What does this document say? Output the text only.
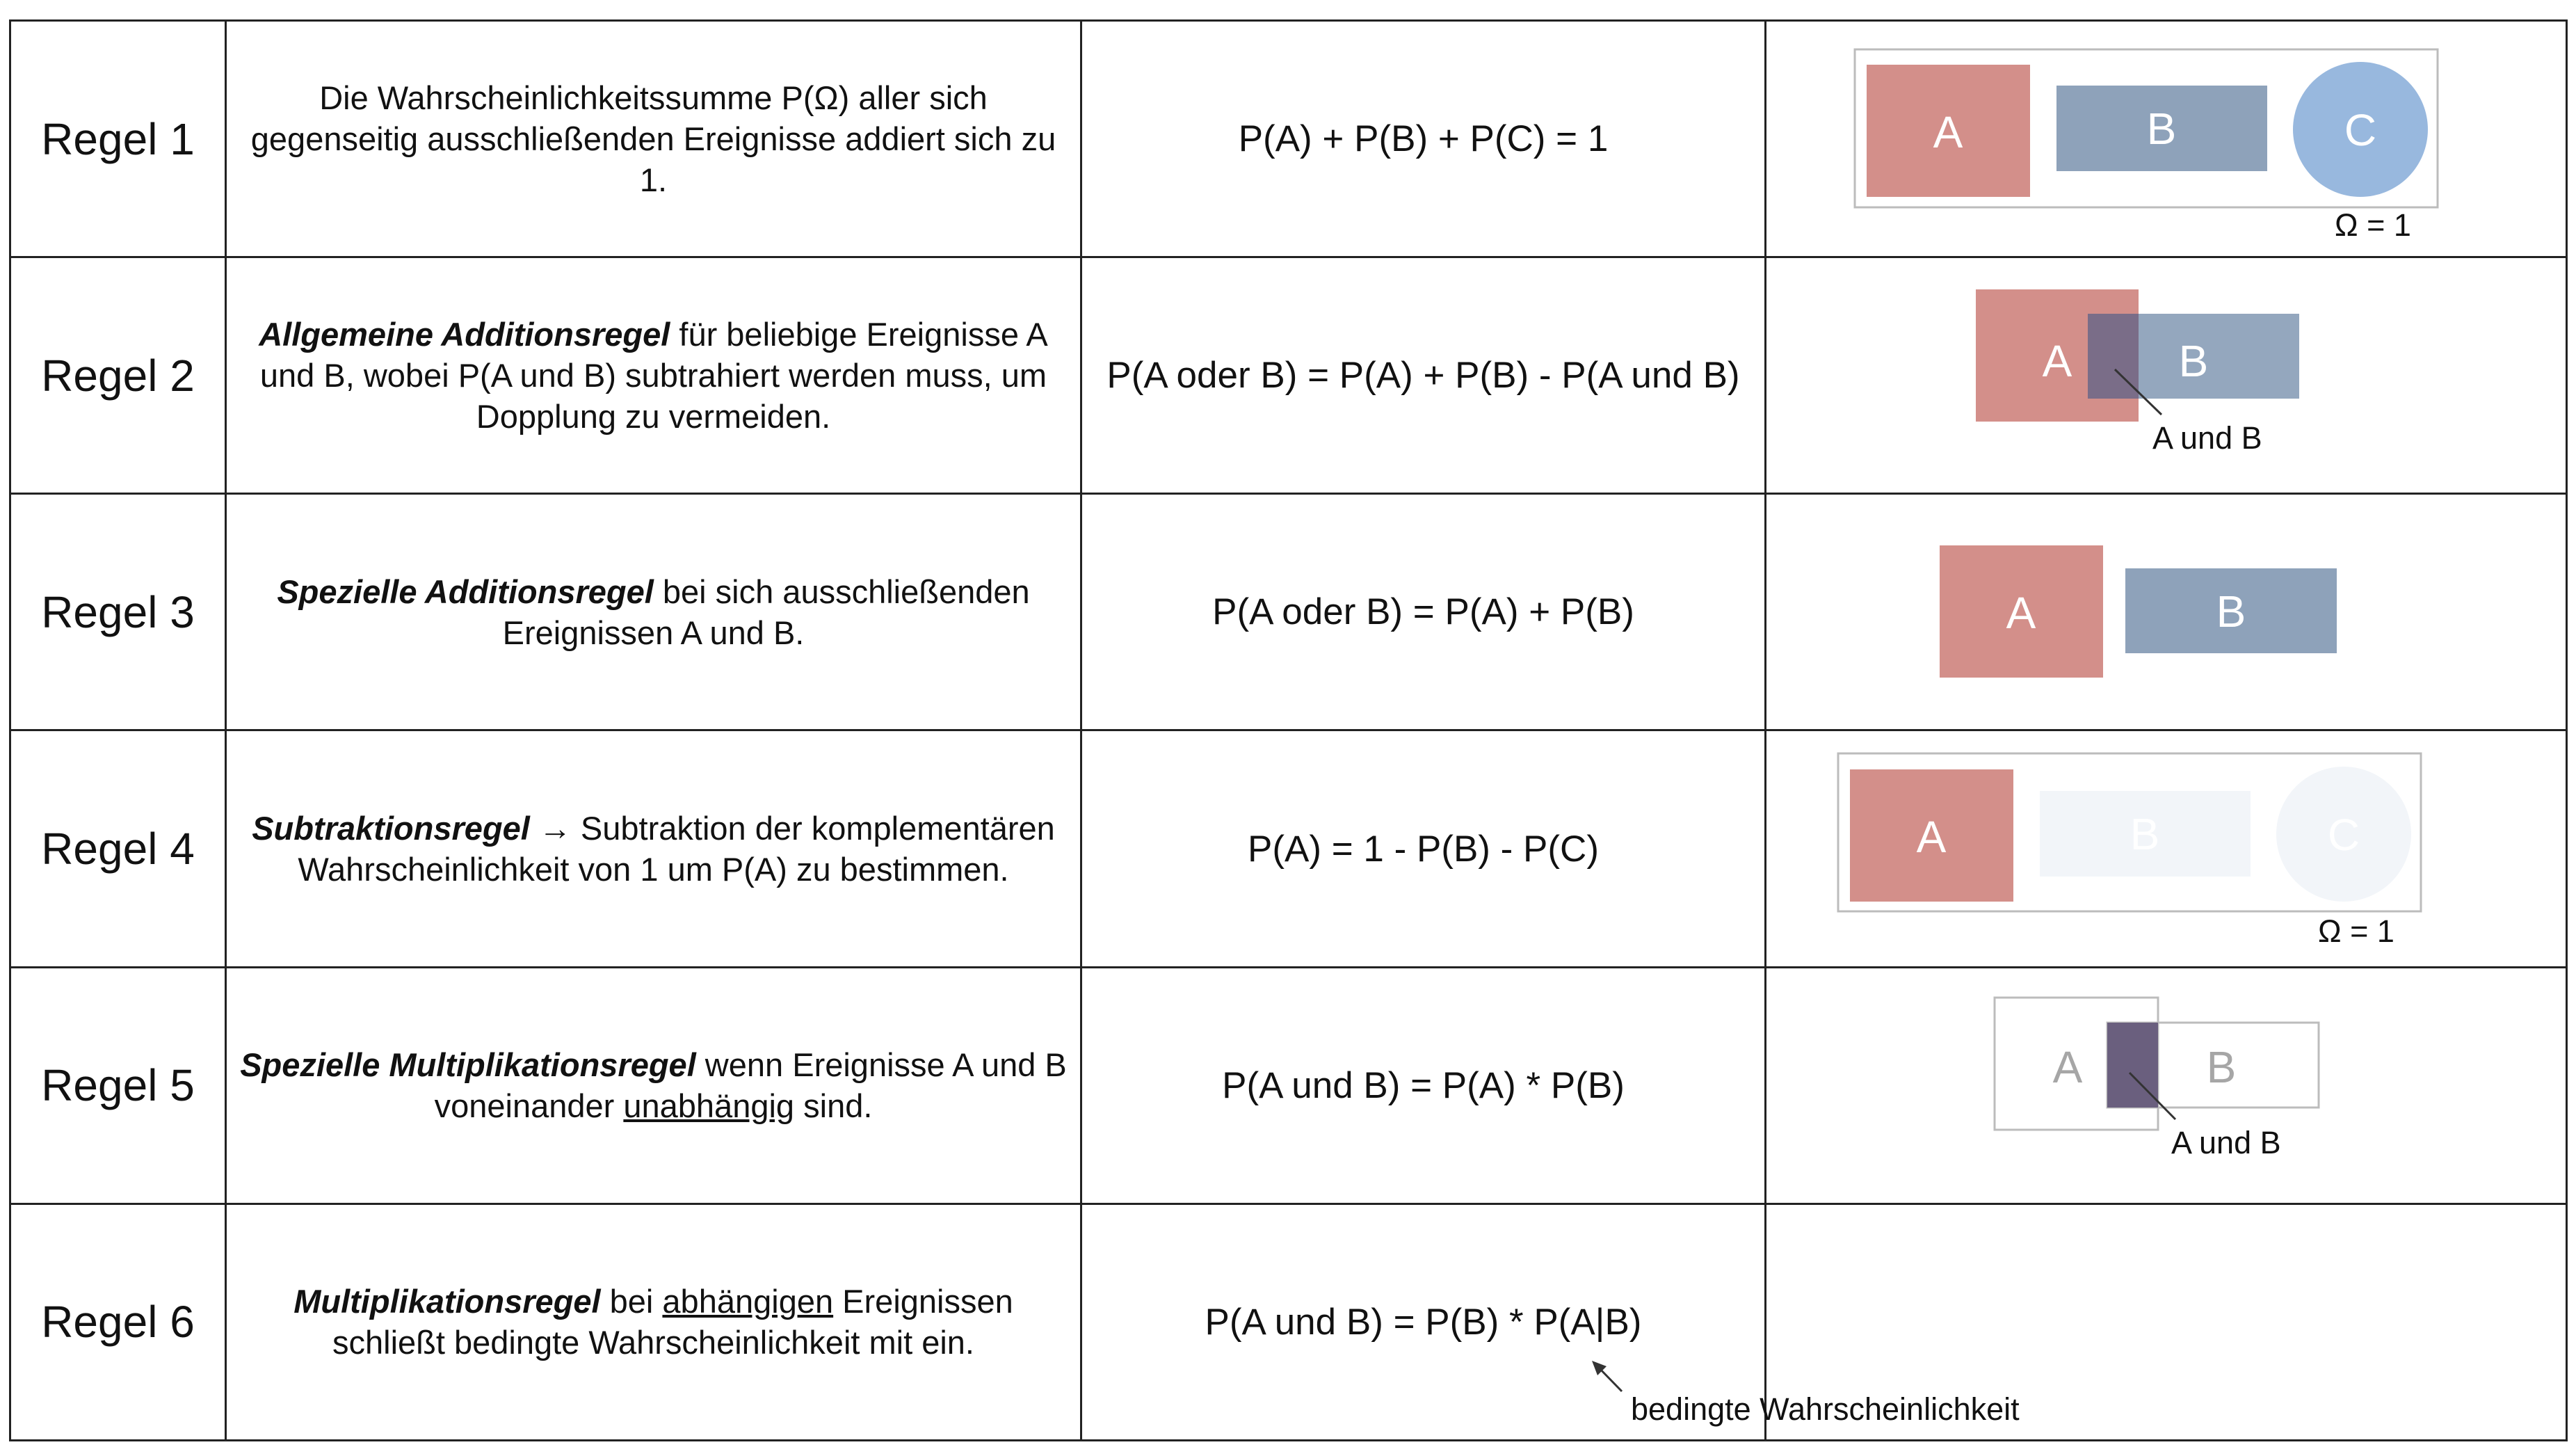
Regel 1	Die Wahrscheinlichkeitssumme P(Ω) aller sich gegenseitig ausschließenden Ereignisse addiert sich zu 1.	P(A) + P(B) + P(C) = 1	A B C
Ω = 1

Regel 2	Allgemeine Additionsregel für beliebige Ereignisse A und B, wobei P(A und B) subtrahiert werden muss, um Dopplung zu vermeiden.	P(A oder B) = P(A) + P(B) - P(A und B)	A B
A und B

Regel 3	Spezielle Additionsregel bei sich ausschließenden Ereignissen A und B.	P(A oder B) = P(A) + P(B)	A B

Regel 4	Subtraktionsregel → Subtraktion der komplementären Wahrscheinlichkeit von 1 um P(A) zu bestimmen.	P(A) = 1 - P(B) - P(C)	A B C
Ω = 1

Regel 5	Spezielle Multiplikationsregel wenn Ereignisse A und B voneinander unabhängig sind.	P(A und B) = P(A) * P(B)	A B
A und B

Regel 6	Multiplikationsregel bei abhängigen Ereignissen schließt bedingte Wahrscheinlichkeit mit ein.	P(A und B) = P(B) * P(A|B)
bedingte Wahrscheinlichkeit	
